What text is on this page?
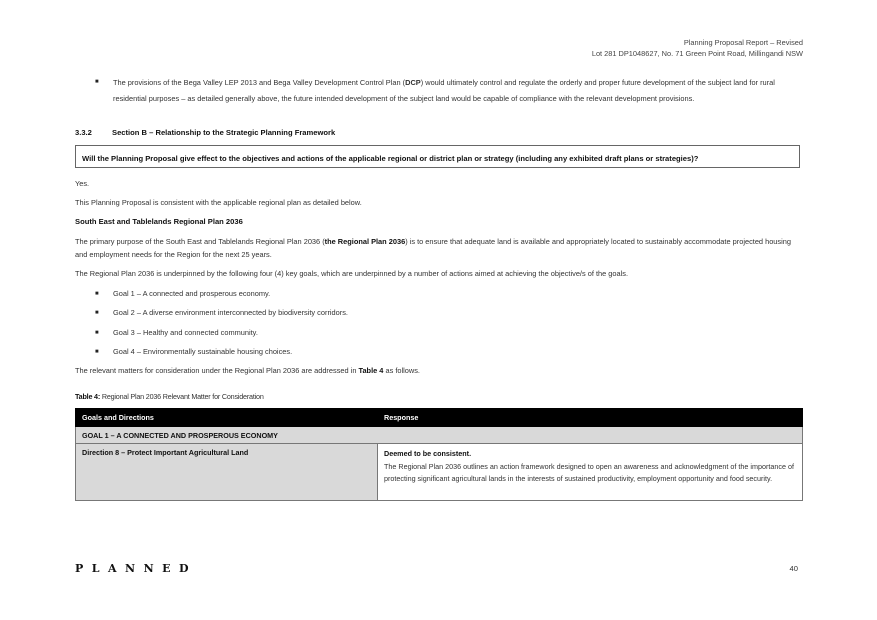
Planning Proposal Report – Revised
Lot 281 DP1048627, No. 71 Green Point Road, Millingandi NSW
■ The provisions of the Bega Valley LEP 2013 and Bega Valley Development Control Plan (DCP) would ultimately control and regulate the orderly and proper future development of the subject land for rural residential purposes – as detailed generally above, the future intended development of the subject land would be capable of compliance with the relevant development provisions.
3.3.2	Section B – Relationship to the Strategic Planning Framework
Will the Planning Proposal give effect to the objectives and actions of the applicable regional or district plan or strategy (including any exhibited draft plans or strategies)?
Yes.
This Planning Proposal is consistent with the applicable regional plan as detailed below.
South East and Tablelands Regional Plan 2036
The primary purpose of the South East and Tablelands Regional Plan 2036 (the Regional Plan 2036) is to ensure that adequate land is available and appropriately located to sustainably accommodate projected housing and employment needs for the Region for the next 25 years.
The Regional Plan 2036 is underpinned by the following four (4) key goals, which are underpinned by a number of actions aimed at achieving the objective/s of the goals.
■ Goal 1 – A connected and prosperous economy.
■ Goal 2 – A diverse environment interconnected by biodiversity corridors.
■ Goal 3 – Healthy and connected community.
■ Goal 4 – Environmentally sustainable housing choices.
The relevant matters for consideration under the Regional Plan 2036 are addressed in Table 4 as follows.
Table 4: Regional Plan 2036 Relevant Matter for Consideration
Goals and Directions	Response
GOAL 1 – A CONNECTED AND PROSPEROUS ECONOMY	
Direction 8 – Protect Important Agricultural Land	Deemed to be consistent.
The Regional Plan 2036 outlines an action framework designed to open an awareness and acknowledgment of the importance of protecting significant agricultural lands in the interests of sustained productivity, employment opportunity and food security.
PLANNED	40
